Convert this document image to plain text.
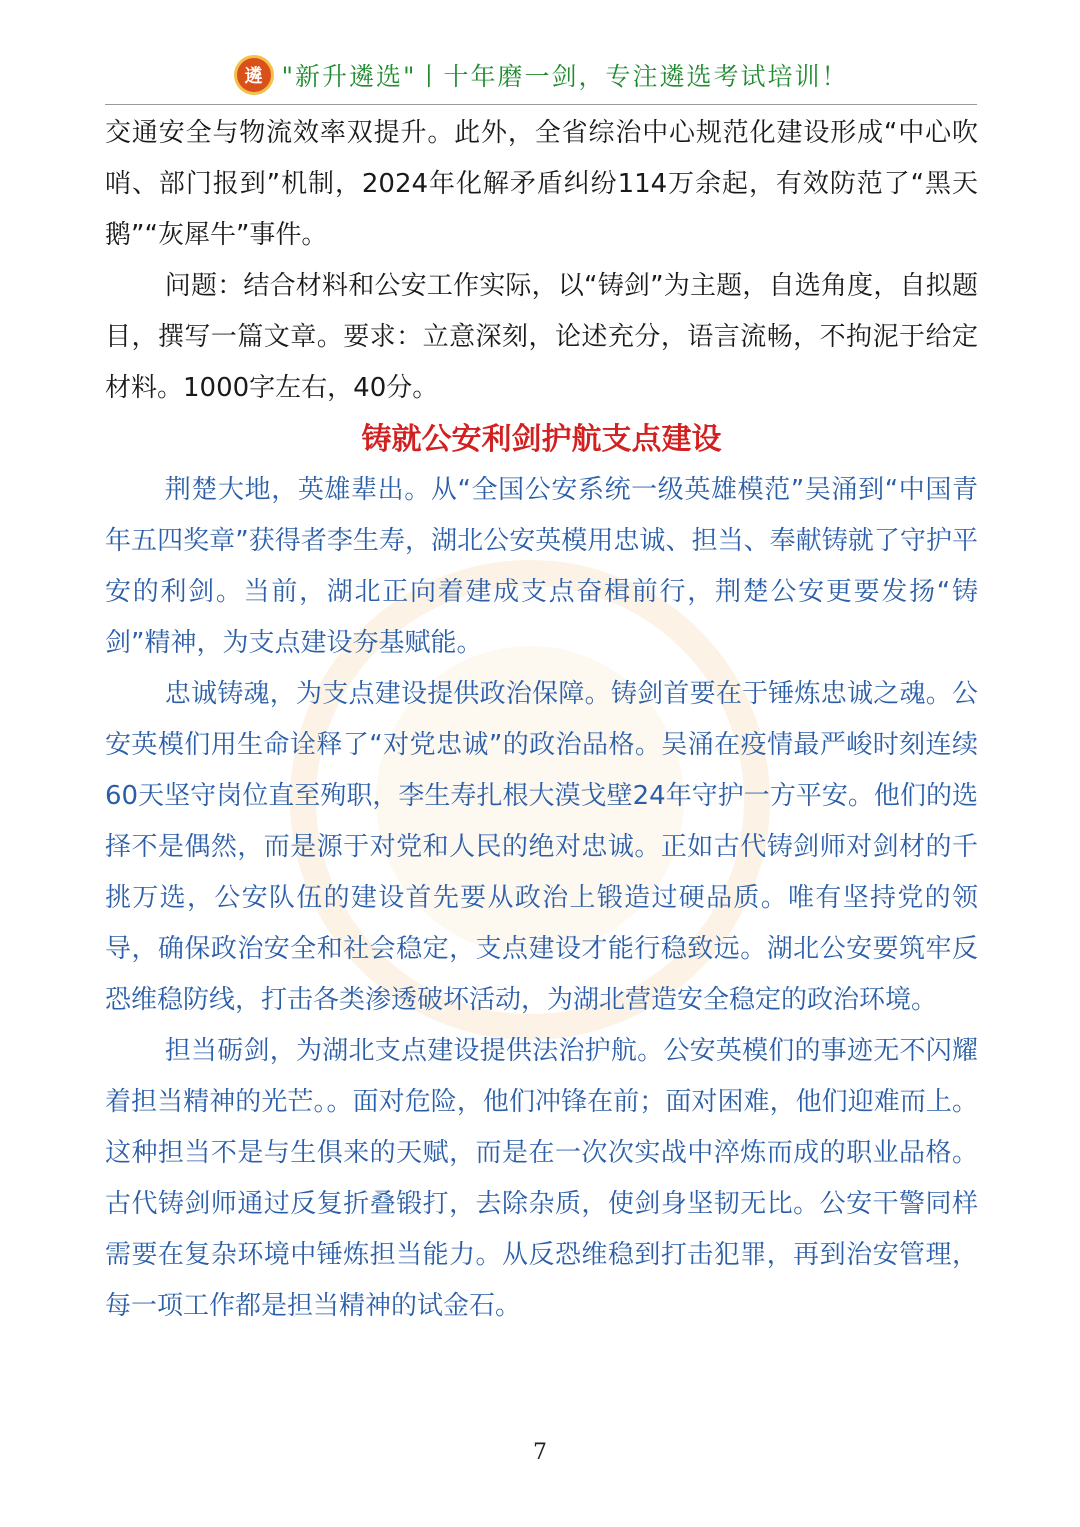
遴 "新升遴选"丨十年磨一剑，专注遴选考试培训！

交通安全与物流效率双提升。此外，全省综治中心规范化建设形成“中心吹哨、部门报到”机制，2024年化解矛盾纠纷114万余起，有效防范了“黑天鹅”“灰犀牛”事件。

问题：结合材料和公安工作实际，以“铸剑”为主题，自选角度，自拟题目，撰写一篇文章。要求：立意深刻，论述充分，语言流畅，不拘泥于给定材料。1000字左右，40分。

铸就公安利剑护航支点建设

荆楚大地，英雄辈出。从“全国公安系统一级英雄模范”吴涌到“中国青年五四奖章”获得者李生寿，湖北公安英模用忠诚、担当、奉献铸就了守护平安的利剑。当前，湖北正向着建成支点奋楫前行，荆楚公安更要发扬“铸剑”精神，为支点建设夯基赋能。

忠诚铸魂，为支点建设提供政治保障。铸剑首要在于锤炼忠诚之魂。公安英模们用生命诠释了“对党忠诚”的政治品格。吴涌在疫情最严峻时刻连续60天坚守岗位直至殉职，李生寿扎根大漠戈壁24年守护一方平安。他们的选择不是偶然，而是源于对党和人民的绝对忠诚。正如古代铸剑师对剑材的千挑万选，公安队伍的建设首先要从政治上锻造过硬品质。唯有坚持党的领导，确保政治安全和社会稳定，支点建设才能行稳致远。湖北公安要筑牢反恐维稳防线，打击各类渗透破坏活动，为湖北营造安全稳定的政治环境。

担当砺剑，为湖北支点建设提供法治护航。公安英模们的事迹无不闪耀着担当精神的光芒。。面对危险，他们冲锋在前；面对困难，他们迎难而上。这种担当不是与生俱来的天赋，而是在一次次实战中淬炼而成的职业品格。古代铸剑师通过反复折叠锻打，去除杂质，使剑身坚韧无比。公安干警同样需要在复杂环境中锤炼担当能力。从反恐维稳到打击犯罪，再到治安管理，每一项工作都是担当精神的试金石。

7
